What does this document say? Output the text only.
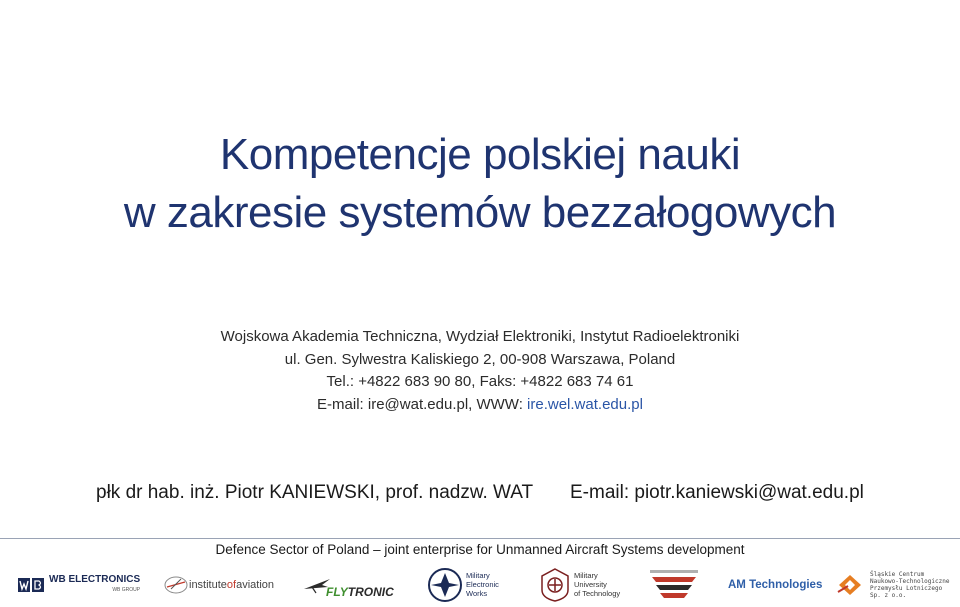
Kompetencje polskiej nauki
w zakresie systemów bezzałogowych
Wojskowa Akademia Techniczna, Wydział Elektroniki, Instytut Radioelektroniki
ul. Gen. Sylwestra Kaliskiego 2, 00-908 Warszawa, Poland
Tel.: +4822 683 90 80, Faks: +4822 683 74 61
E-mail: ire@wat.edu.pl, WWW: ire.wel.wat.edu.pl
płk dr hab. inż. Piotr KANIEWSKI, prof. nadzw. WAT E-mail: piotr.kaniewski@wat.edu.pl
Defence Sector of Poland – joint enterprise for Unmanned Aircraft Systems development
WB ELECTRONICS
WB GROUP	institute of aviation	FLY TRONIC
Military
Electronic
Works
Military
University
of Technology
AM Technologies
Śląskie Centrum
Naukowo-Technologiczne
Przemysłu Lotniczego
Sp. z o.o.
